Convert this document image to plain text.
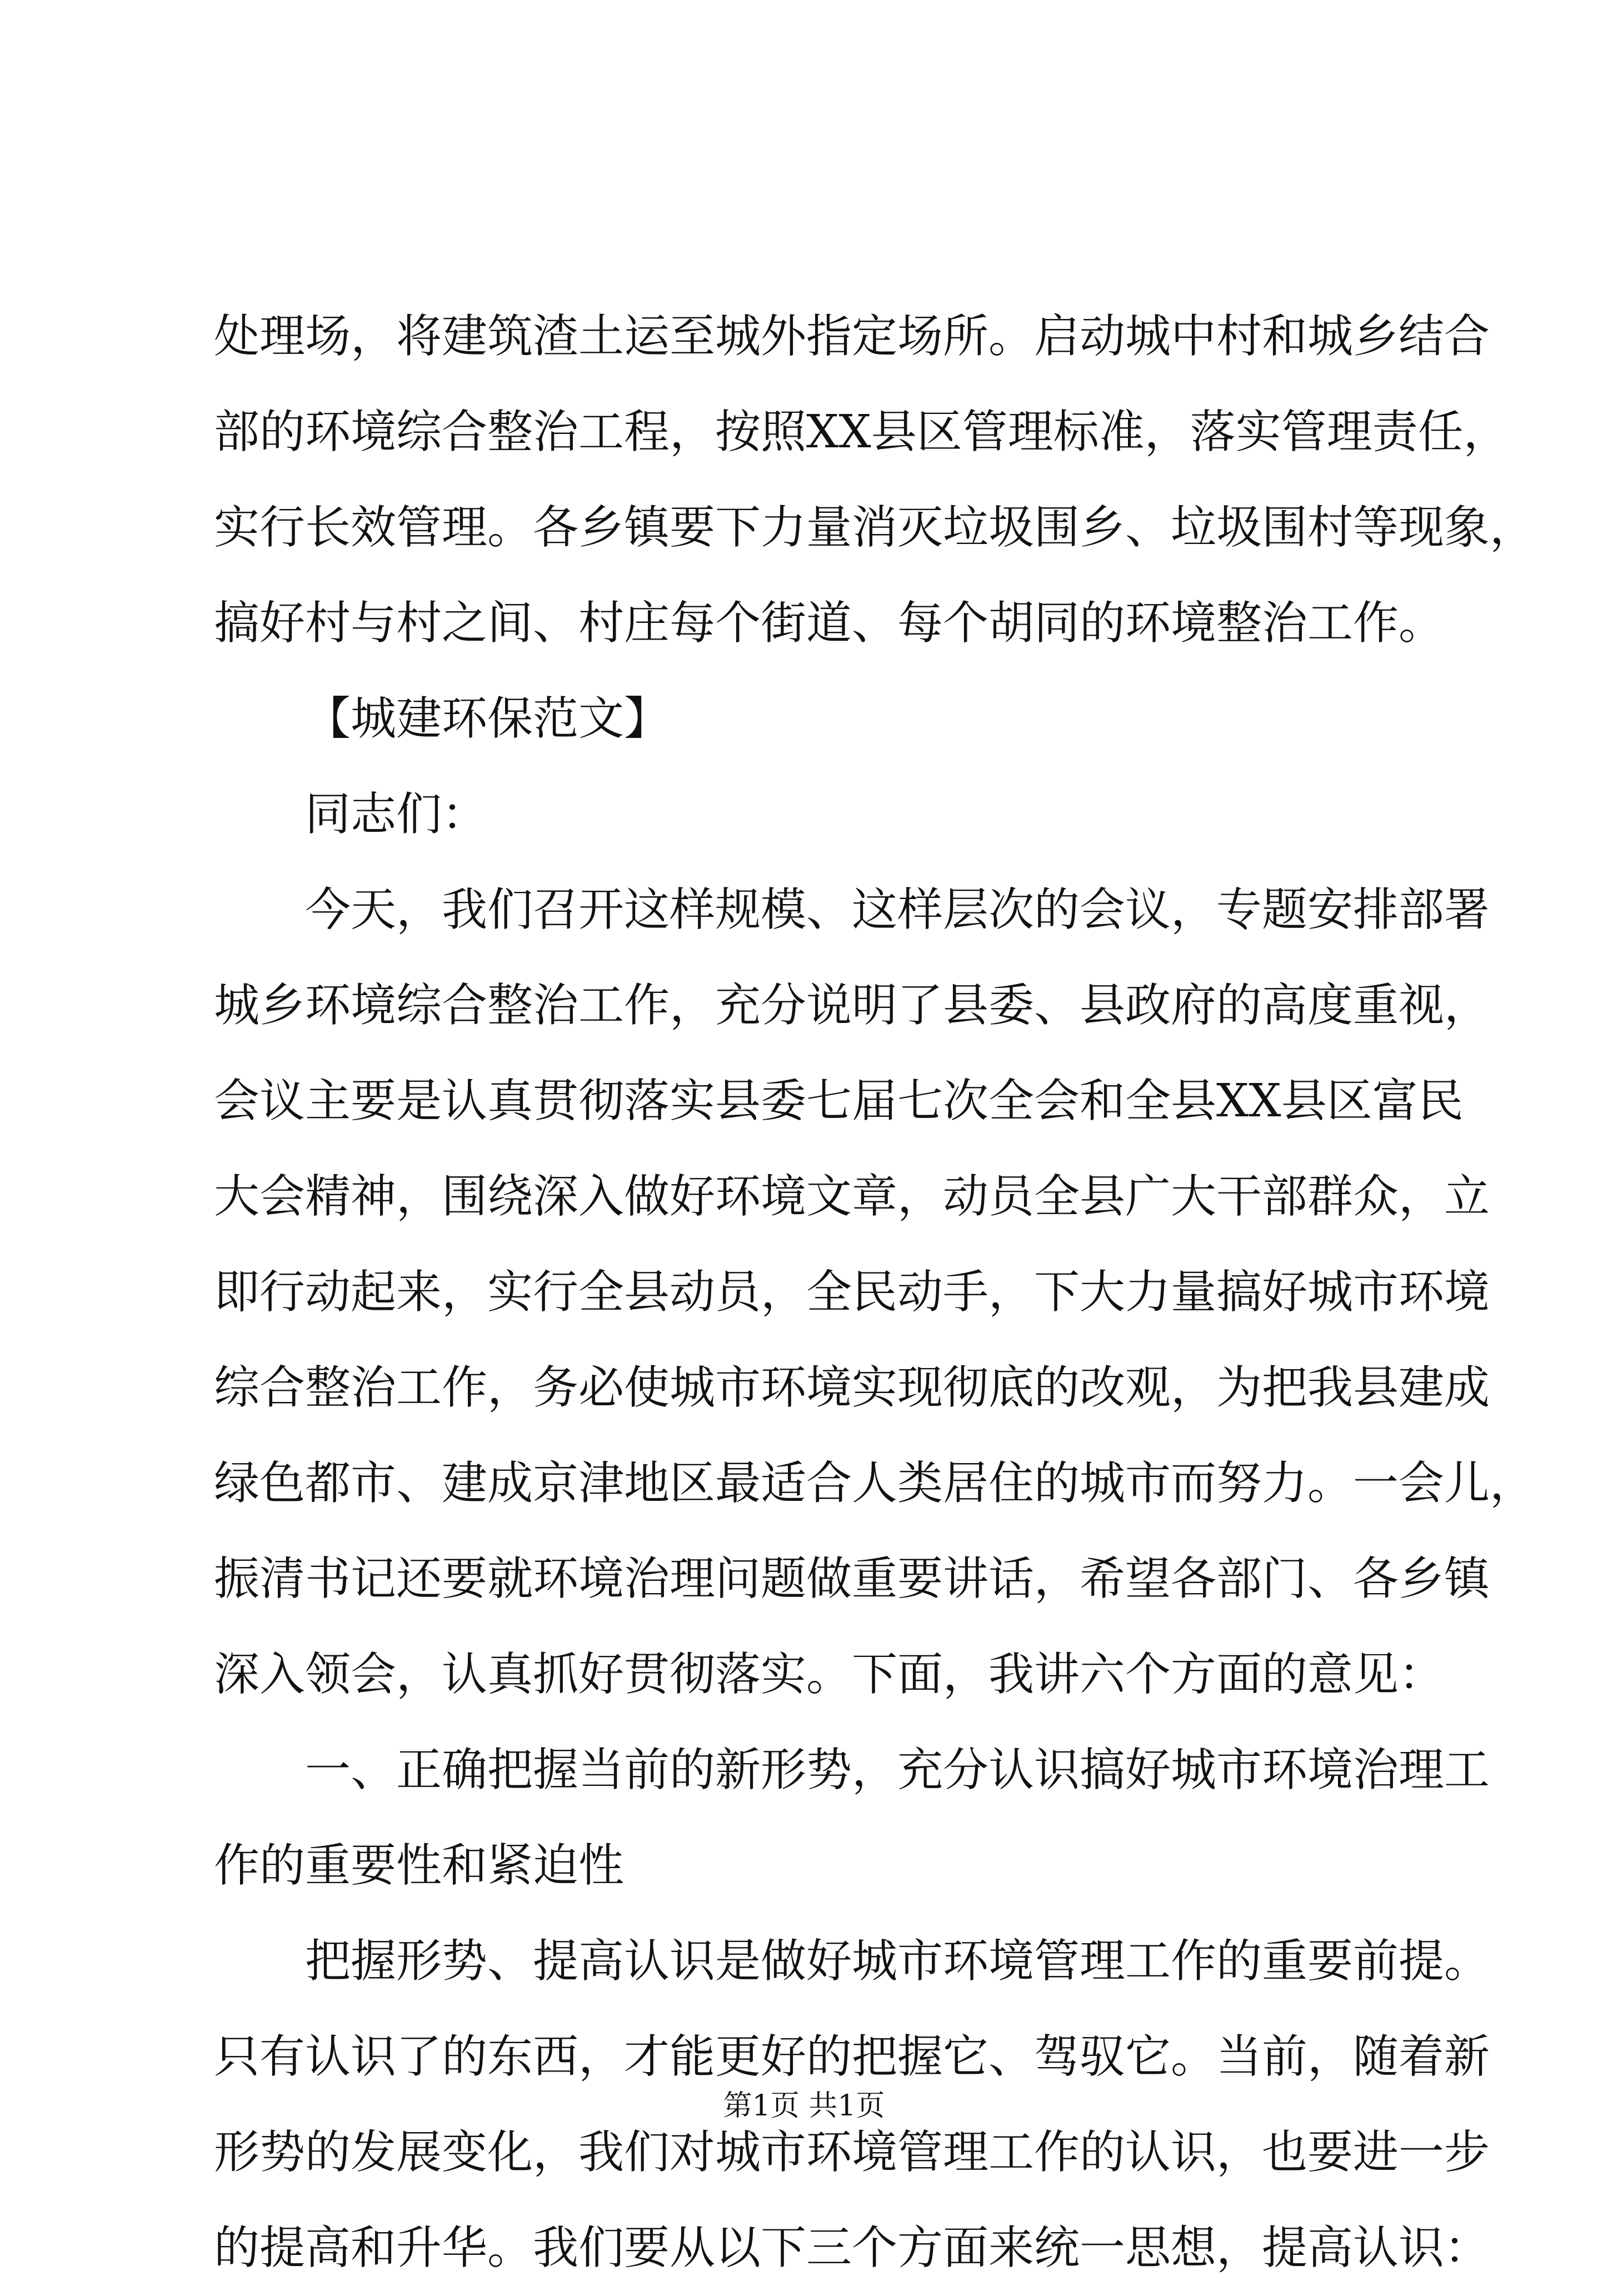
处理场，将建筑渣土运至城外指定场所。启动城中村和城乡结合
部的环境综合整治工程，按照XX县区管理标准，落实管理责任，
实行长效管理。各乡镇要下力量消灭垃圾围乡、垃圾围村等现象，
搞好村与村之间、村庄每个街道、每个胡同的环境整治工作。
【城建环保范文】
同志们：
今天，我们召开这样规模、这样层次的会议，专题安排部署
城乡环境综合整治工作，充分说明了县委、县政府的高度重视，
会议主要是认真贯彻落实县委七届七次全会和全县XX县区富民
大会精神，围绕深入做好环境文章，动员全县广大干部群众，立
即行动起来，实行全县动员，全民动手，下大力量搞好城市环境
综合整治工作，务必使城市环境实现彻底的改观，为把我县建成
绿色都市、建成京津地区最适合人类居住的城市而努力。一会儿，
振清书记还要就环境治理问题做重要讲话，希望各部门、各乡镇
深入领会，认真抓好贯彻落实。下面，我讲六个方面的意见：
一、正确把握当前的新形势，充分认识搞好城市环境治理工
作的重要性和紧迫性
把握形势、提高认识是做好城市环境管理工作的重要前提。
只有认识了的东西，才能更好的把握它、驾驭它。当前，随着新
形势的发展变化，我们对城市环境管理工作的认识，也要进一步
的提高和升华。我们要从以下三个方面来统一思想，提高认识：
第1页 共1页
